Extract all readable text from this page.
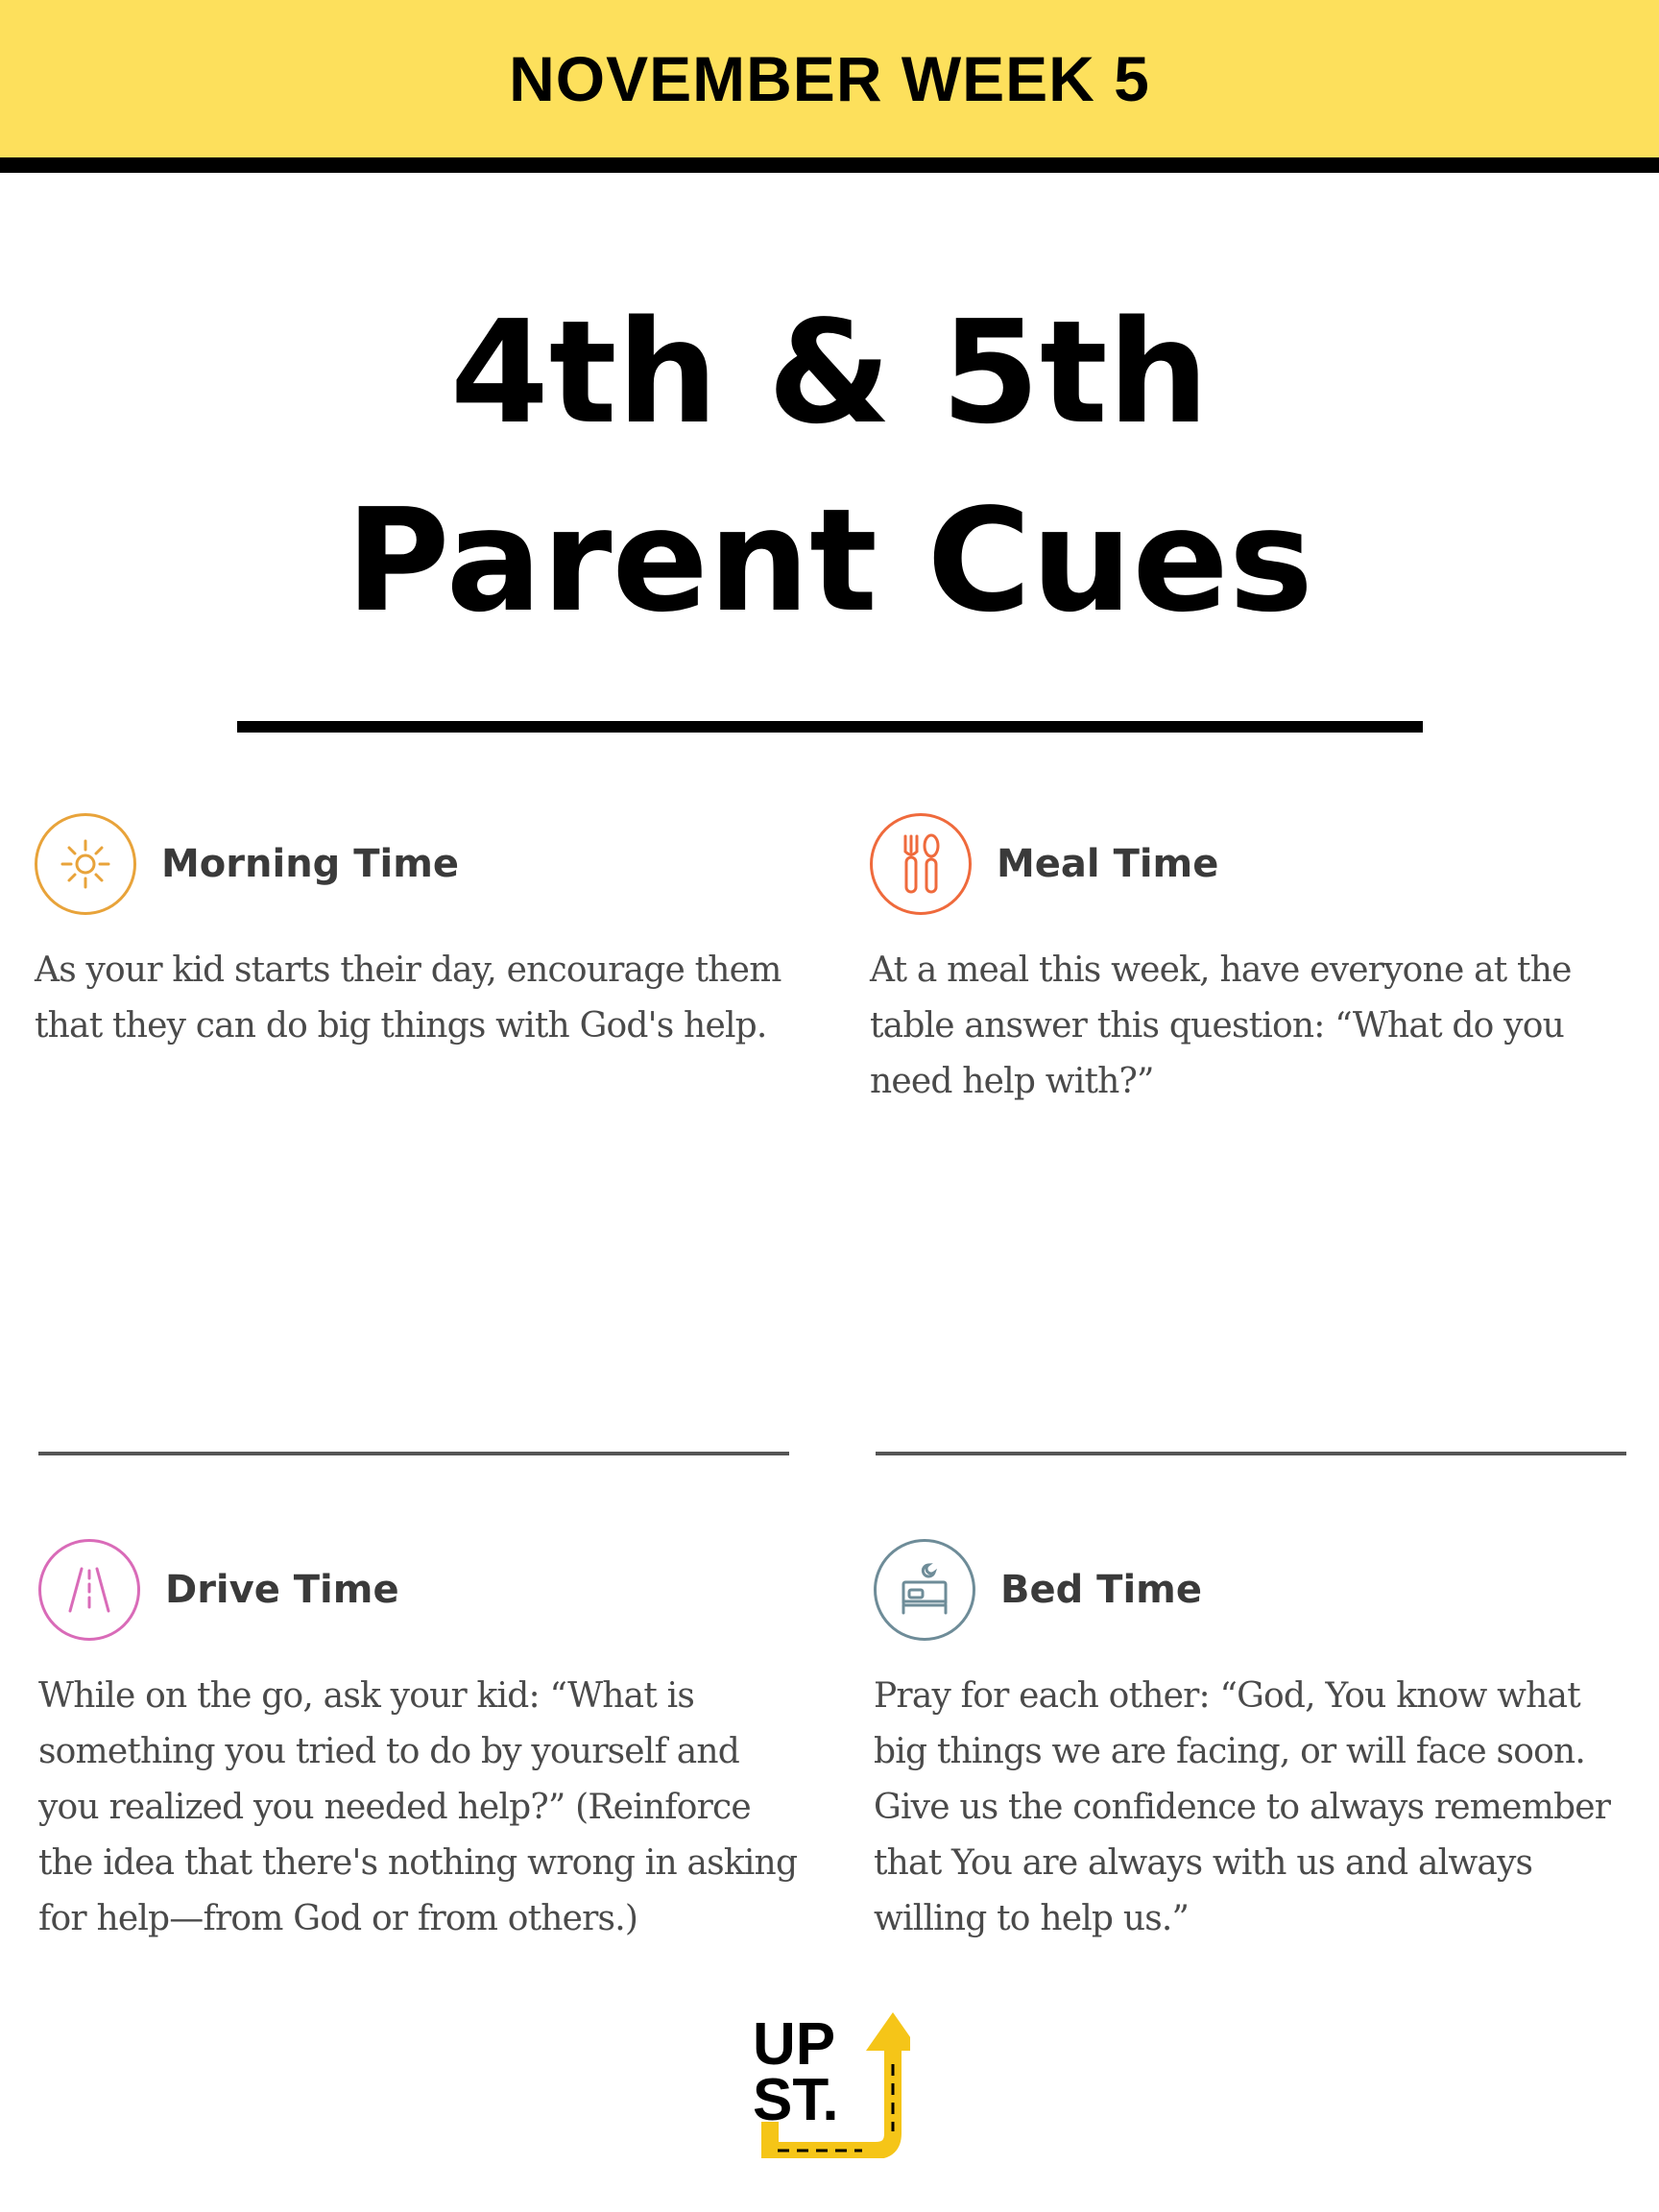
NOVEMBER WEEK 5
4th & 5th
Parent Cues
Morning Time
As your kid starts their day, encourage them that they can do big things with God's help.
Meal Time
At a meal this week, have everyone at the table answer this question: “What do you need help with?”
Drive Time
While on the go, ask your kid: “What is something you tried to do by yourself and you realized you needed help?” (Reinforce the idea that there's nothing wrong in asking for help—from God or from others.)
Bed Time
Pray for each other: “God, You know what big things we are facing, or will face soon. Give us the confidence to always remember that You are always with us and always willing to help us.”
UP
ST.
